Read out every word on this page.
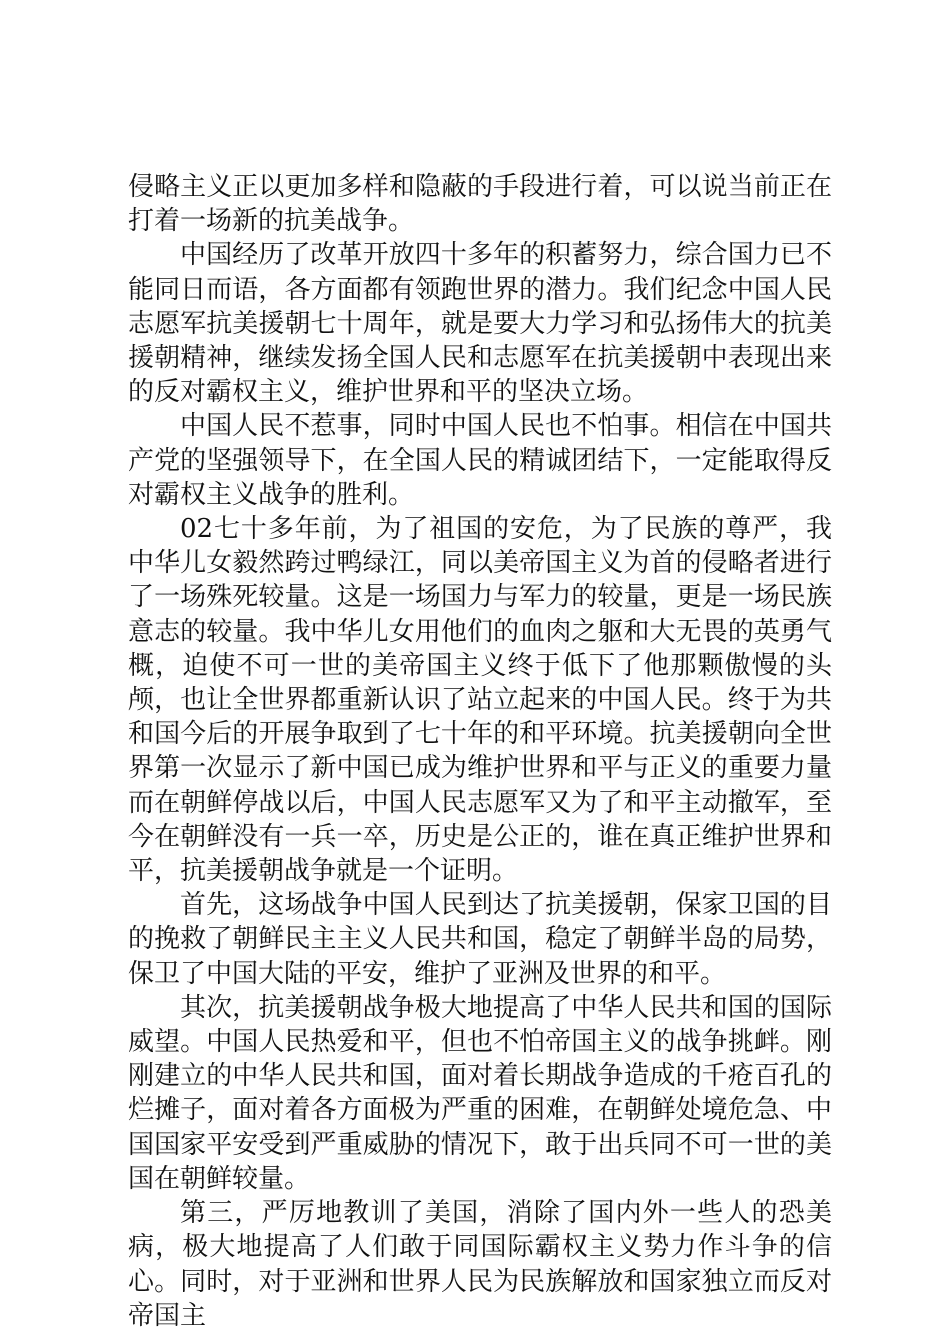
侵略主义正以更加多样和隐蔽的手段进行着，可以说当前正在打着一场新的抗美战争。

中国经历了改革开放四十多年的积蓄努力，综合国力已不能同日而语，各方面都有领跑世界的潜力。我们纪念中国人民志愿军抗美援朝七十周年，就是要大力学习和弘扬伟大的抗美援朝精神，继续发扬全国人民和志愿军在抗美援朝中表现出来的反对霸权主义，维护世界和平的坚决立场。

中国人民不惹事，同时中国人民也不怕事。相信在中国共产党的坚强领导下，在全国人民的精诚团结下，一定能取得反对霸权主义战争的胜利。

02七十多年前，为了祖国的安危，为了民族的尊严，我中华儿女毅然跨过鸭绿江，同以美帝国主义为首的侵略者进行了一场殊死较量。这是一场国力与军力的较量，更是一场民族意志的较量。我中华儿女用他们的血肉之躯和大无畏的英勇气概，迫使不可一世的美帝国主义终于低下了他那颗傲慢的头颅，也让全世界都重新认识了站立起来的中国人民。终于为共和国今后的开展争取到了七十年的和平环境。抗美援朝向全世界第一次显示了新中国已成为维护世界和平与正义的重要力量而在朝鲜停战以后，中国人民志愿军又为了和平主动撤军，至今在朝鲜没有一兵一卒，历史是公正的，谁在真正维护世界和平，抗美援朝战争就是一个证明。

首先，这场战争中国人民到达了抗美援朝，保家卫国的目的挽救了朝鲜民主主义人民共和国，稳定了朝鲜半岛的局势，保卫了中国大陆的平安，维护了亚洲及世界的和平。

其次，抗美援朝战争极大地提高了中华人民共和国的国际威望。中国人民热爱和平，但也不怕帝国主义的战争挑衅。刚刚建立的中华人民共和国，面对着长期战争造成的千疮百孔的烂摊子，面对着各方面极为严重的困难，在朝鲜处境危急、中国国家平安受到严重威胁的情况下，敢于出兵同不可一世的美国在朝鲜较量。

第三，严厉地教训了美国，消除了国内外一些人的恐美病，极大地提高了人们敢于同国际霸权主义势力作斗争的信心。同时，对于亚洲和世界人民为民族解放和国家独立而反对帝国主
